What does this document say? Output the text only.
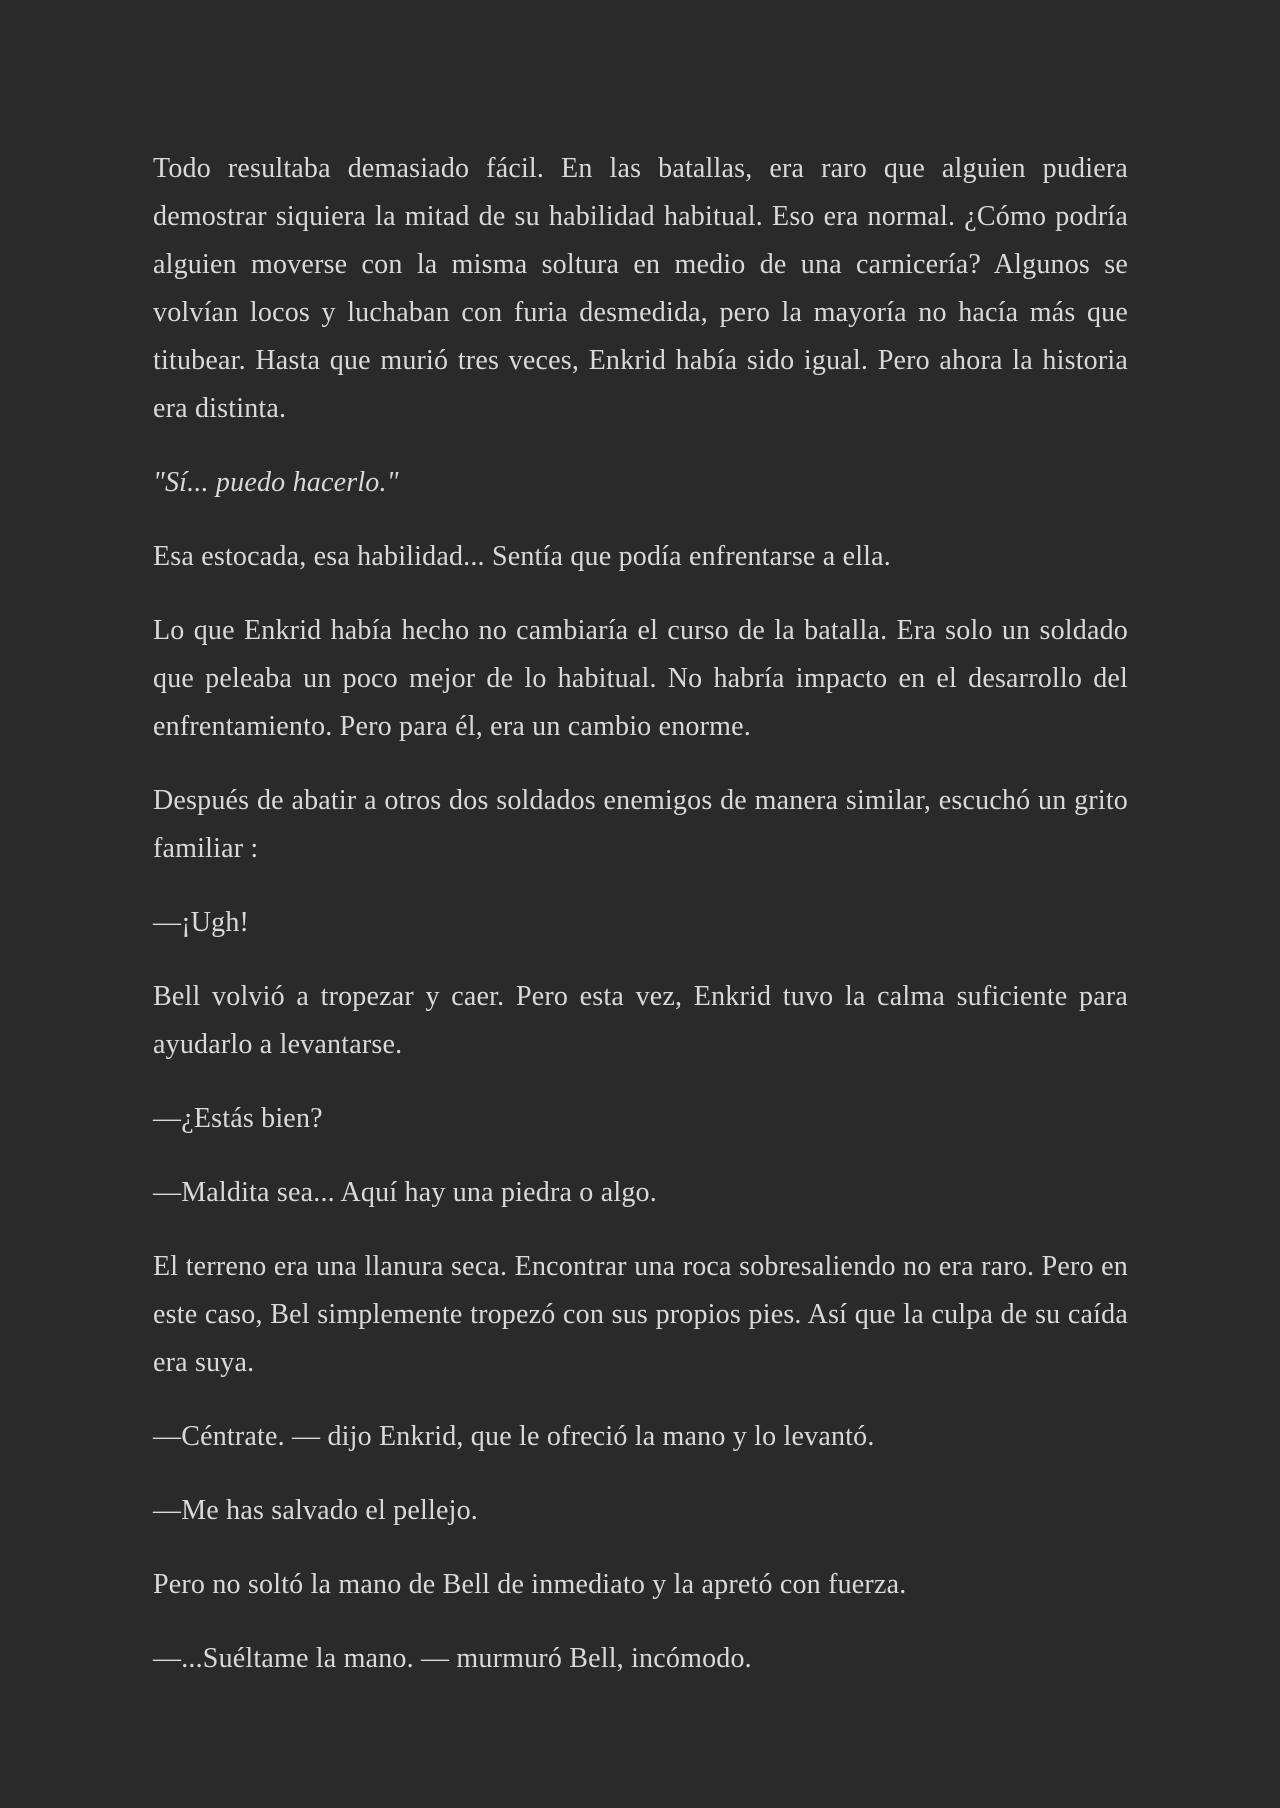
Todo resultaba demasiado fácil. En las batallas, era raro que alguien pudiera demostrar siquiera la mitad de su habilidad habitual. Eso era normal. ¿Cómo podría alguien moverse con la misma soltura en medio de una carnicería? Algunos se volvían locos y luchaban con furia desmedida, pero la mayoría no hacía más que titubear. Hasta que murió tres veces, Enkrid había sido igual. Pero ahora la historia era distinta.

"Sí... puedo hacerlo."

Esa estocada, esa habilidad... Sentía que podía enfrentarse a ella.

Lo que Enkrid había hecho no cambiaría el curso de la batalla. Era solo un soldado que peleaba un poco mejor de lo habitual. No habría impacto en el desarrollo del enfrentamiento. Pero para él, era un cambio enorme.

Después de abatir a otros dos soldados enemigos de manera similar, escuchó un grito familiar :

—¡Ugh!

Bell volvió a tropezar y caer. Pero esta vez, Enkrid tuvo la calma suficiente para ayudarlo a levantarse.

—¿Estás bien?

—Maldita sea... Aquí hay una piedra o algo.

El terreno era una llanura seca. Encontrar una roca sobresaliendo no era raro. Pero en este caso, Bel simplemente tropezó con sus propios pies. Así que la culpa de su caída era suya.

—Céntrate. — dijo Enkrid, que le ofreció la mano y lo levantó.

—Me has salvado el pellejo.

Pero no soltó la mano de Bell de inmediato y la apretó con fuerza.

—...Suéltame la mano. — murmuró Bell, incómodo.
